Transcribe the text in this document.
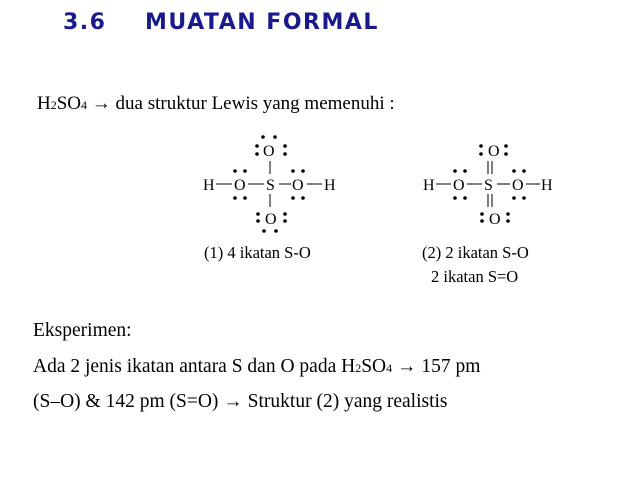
3.6 MUATAN FORMAL
H2SO4 → dua struktur Lewis yang memenuhi :
H O S O H
O
O
H O S O H
O
O
(1) 4 ikatan S-O	(2) 2 ikatan S-O
2 ikatan S=O
Eksperimen:
Ada 2 jenis ikatan antara S dan O pada H2SO4 → 157 pm
(S–O) & 142 pm (S=O) → Struktur (2) yang realistis
